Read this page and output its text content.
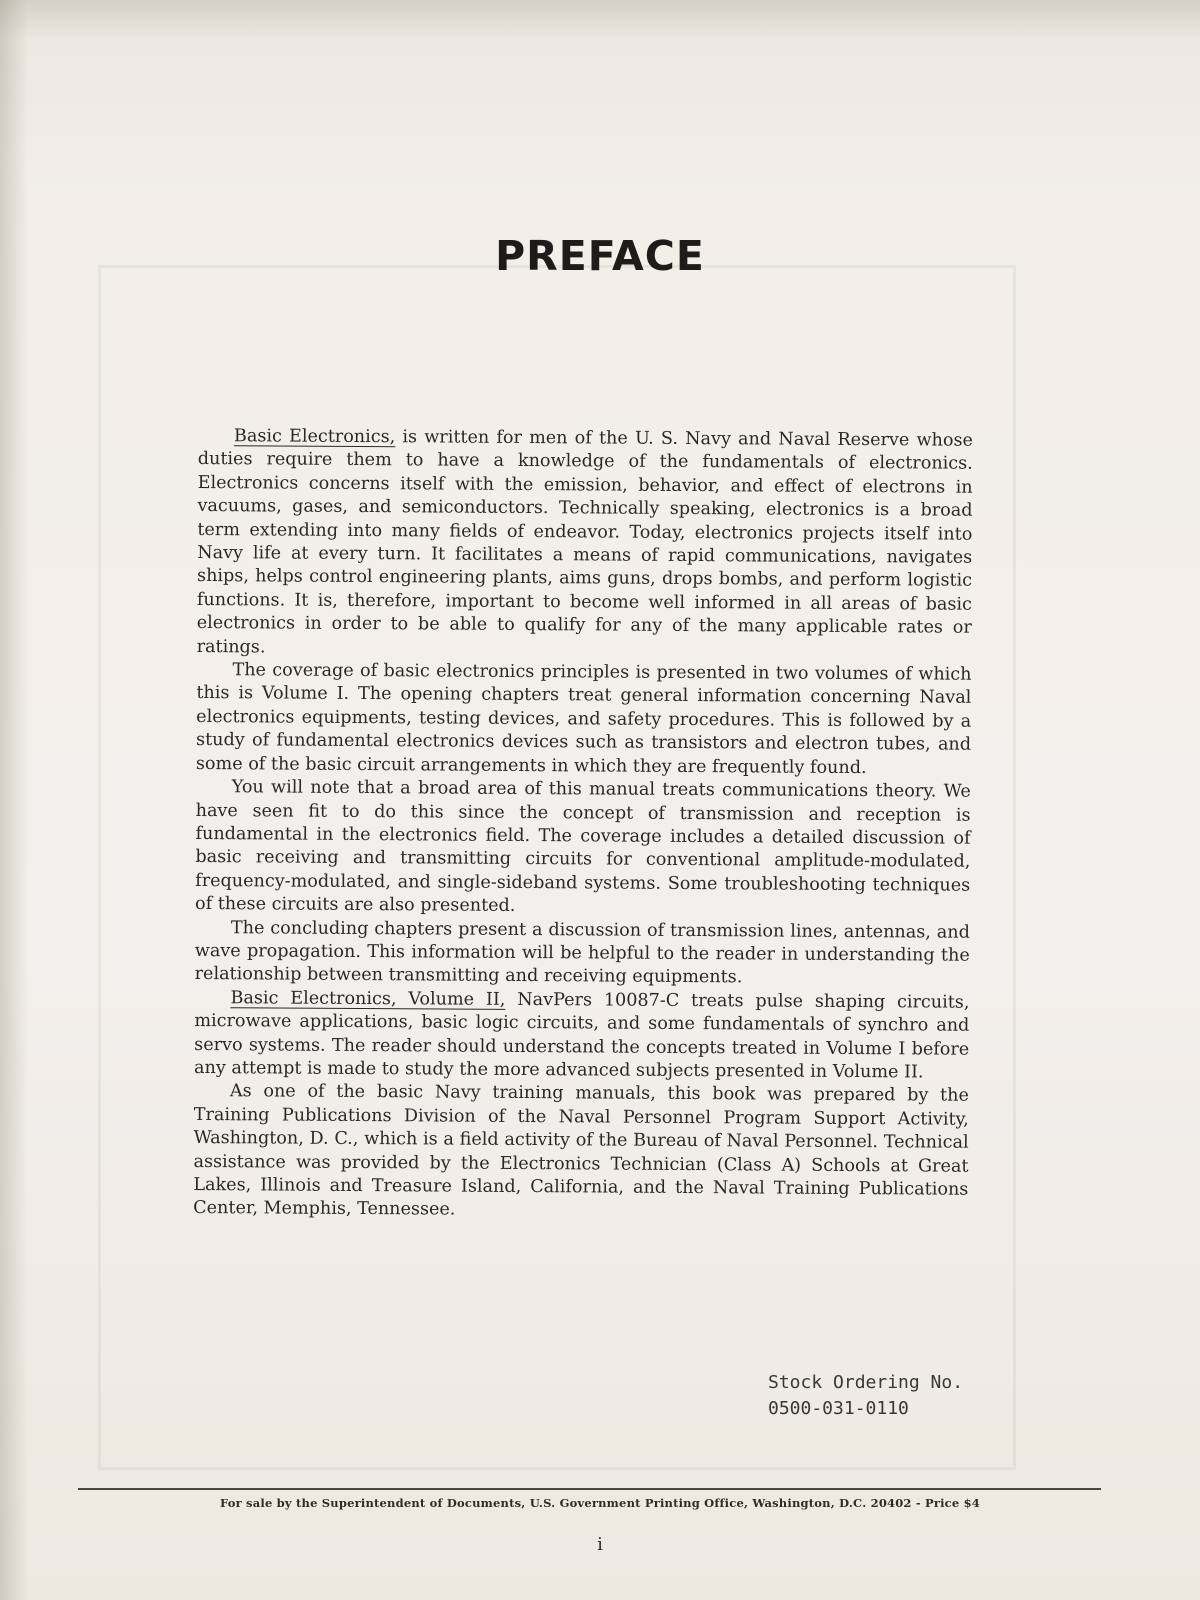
PREFACE

Basic Electronics, is written for men of the U. S. Navy and Naval Reserve whose duties require them to have a knowledge of the fundamentals of electronics. Electronics concerns itself with the emission, behavior, and effect of electrons in vacuums, gases, and semiconductors. Technically speaking, electronics is a broad term extending into many fields of endeavor. Today, electronics projects itself into Navy life at every turn. It facilitates a means of rapid communications, navigates ships, helps control engineering plants, aims guns, drops bombs, and perform logistic functions. It is, therefore, important to become well informed in all areas of basic electronics in order to be able to qualify for any of the many applicable rates or ratings.

The coverage of basic electronics principles is presented in two volumes of which this is Volume I. The opening chapters treat general information concerning Naval electronics equipments, testing devices, and safety procedures. This is followed by a study of fundamental electronics devices such as transistors and electron tubes, and some of the basic circuit arrangements in which they are frequently found.

You will note that a broad area of this manual treats communications theory. We have seen fit to do this since the concept of transmission and reception is fundamental in the electronics field. The coverage includes a detailed discussion of basic receiving and transmitting circuits for conventional amplitude-modulated, frequency-modulated, and single-sideband systems. Some troubleshooting techniques of these circuits are also presented.

The concluding chapters present a discussion of transmission lines, antennas, and wave propagation. This information will be helpful to the reader in understanding the relationship between transmitting and receiving equipments.

Basic Electronics, Volume II, NavPers 10087-C treats pulse shaping circuits, microwave applications, basic logic circuits, and some fundamentals of synchro and servo systems. The reader should understand the concepts treated in Volume I before any attempt is made to study the more advanced subjects presented in Volume II.

As one of the basic Navy training manuals, this book was prepared by the Training Publications Division of the Naval Personnel Program Support Activity, Washington, D. C., which is a field activity of the Bureau of Naval Personnel. Technical assistance was provided by the Electronics Technician (Class A) Schools at Great Lakes, Illinois and Treasure Island, California, and the Naval Training Publications Center, Memphis, Tennessee.

Stock Ordering No.
0500-031-0110
For sale by the Superintendent of Documents, U.S. Government Printing Office, Washington, D.C. 20402 - Price $4
i
